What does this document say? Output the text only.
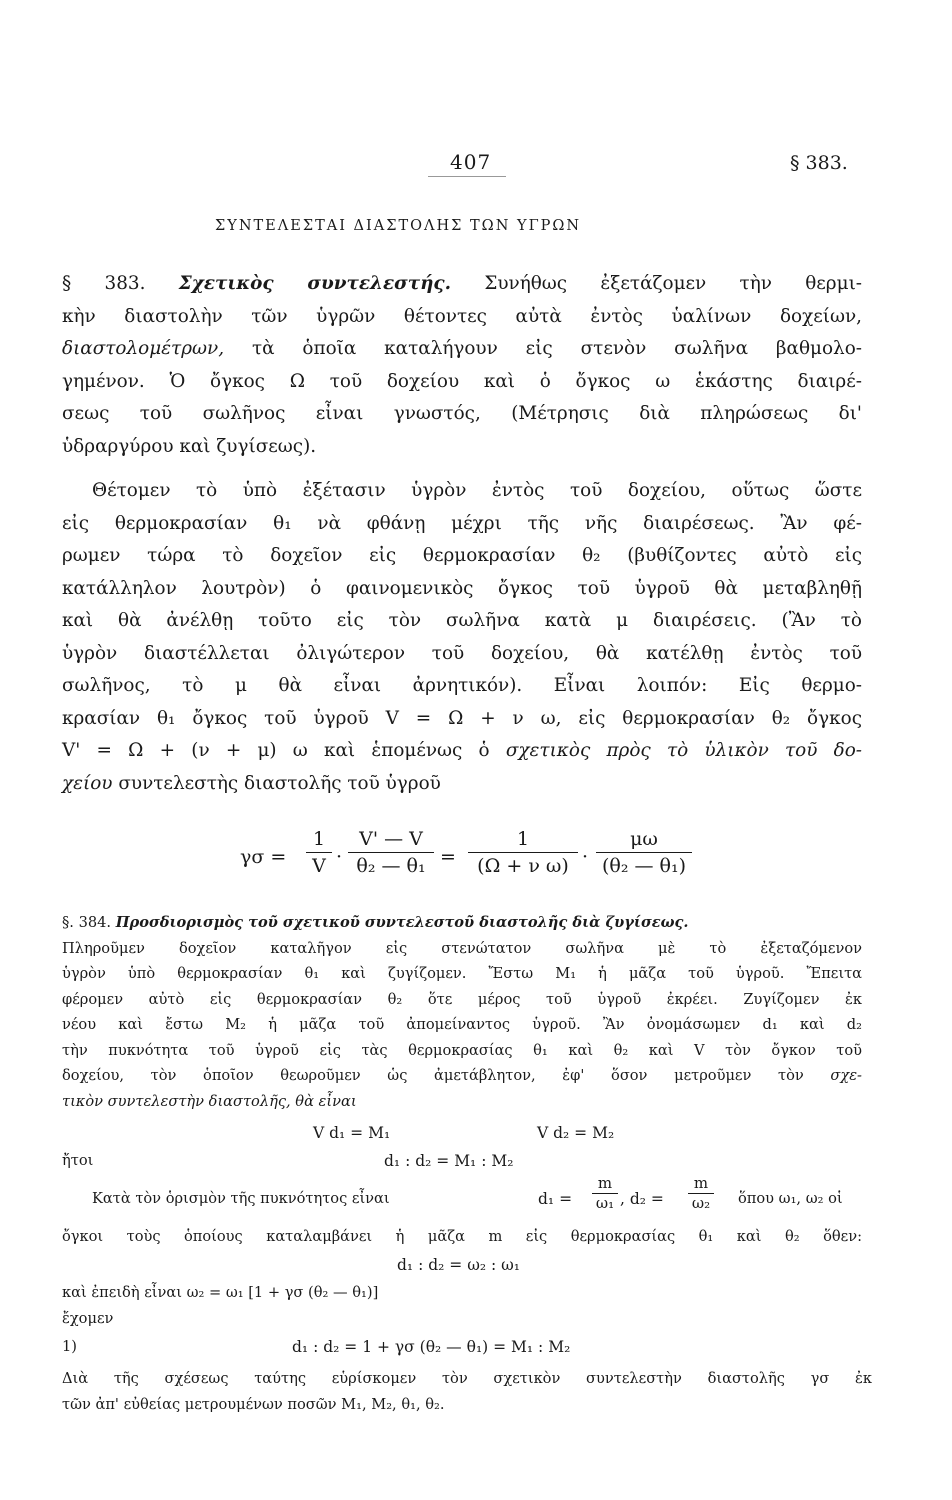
407	§ 383.
ΣΥΝΤΕΛΕΣΤΑΙ ΔΙΑΣΤΟΛΗΣ ΤΩΝ ΥΓΡΩΝ
§ 383. Σχετικὸς συντελεστής. Συνήθως ἐξετάζομεν τὴν θερμι-
κὴν διαστολὴν τῶν ὑγρῶν θέτοντες αὐτὰ ἐντὸς ὑαλίνων δοχείων,
διαστολομέτρων, τὰ ὁποῖα καταλήγουν εἰς στενὸν σωλῆνα βαθμολο-
γημένον. Ὁ ὄγκος Ω τοῦ δοχείου καὶ ὁ ὄγκος ω ἑκάστης διαιρέ-
σεως τοῦ σωλῆνος εἶναι γνωστός, (Μέτρησις διὰ πληρώσεως δι'
ὑδραργύρου καὶ ζυγίσεως).
Θέτομεν τὸ ὑπὸ ἐξέτασιν ὑγρὸν ἐντὸς τοῦ δοχείου, οὕτως ὥστε
εἰς θερμοκρασίαν θ₁ νὰ φθάνῃ μέχρι τῆς νῆς διαιρέσεως. Ἂν φέ-
ρωμεν τώρα τὸ δοχεῖον εἰς θερμοκρασίαν θ₂ (βυθίζοντες αὐτὸ εἰς
κατάλληλον λουτρὸν) ὁ φαινομενικὸς ὄγκος τοῦ ὑγροῦ θὰ μεταβληθῇ
καὶ θὰ ἀνέλθῃ τοῦτο εἰς τὸν σωλῆνα κατὰ μ διαιρέσεις. (Ἂν τὸ
ὑγρὸν διαστέλλεται ὀλιγώτερον τοῦ δοχείου, θὰ κατέλθῃ ἐντὸς τοῦ
σωλῆνος, τὸ μ θὰ εἶναι ἀρνητικόν). Εἶναι λοιπόν: Εἰς θερμο-
κρασίαν θ₁ ὄγκος τοῦ ὑγροῦ V = Ω + ν ω, εἰς θερμοκρασίαν θ₂ ὄγκος
V' = Ω + (ν + μ) ω καὶ ἑπομένως ὁ σχετικὸς πρὸς τὸ ὑλικὸν τοῦ δο-
χείου συντελεστὴς διαστολῆς τοῦ ὑγροῦ
$\gamma\sigma = \frac{1}{V} \cdot \frac{V' — V}{\text{θ₂ — θ₁}} = \frac{1}{\text{(Ω + ν ω)}} \cdot \frac{\mu\omega}{\text{(θ₂ — θ₁)}}$
§. 384. Προσδιορισμὸς τοῦ σχετικοῦ συντελεστοῦ διαστολῆς διὰ ζυγίσεως.
Πληροῦμεν δοχεῖον καταλῆγον εἰς στενώτατον σωλῆνα μὲ τὸ ἐξεταζόμενον
ὑγρὸν ὑπὸ θερμοκρασίαν θ₁ καὶ ζυγίζομεν. Ἔστω M₁ ἡ μᾶζα τοῦ ὑγροῦ. Ἔπειτα
φέρομεν αὐτὸ εἰς θερμοκρασίαν θ₂ ὅτε μέρος τοῦ ὑγροῦ ἐκρέει. Ζυγίζομεν ἐκ
νέου καὶ ἔστω M₂ ἡ μᾶζα τοῦ ἀπομείναντος ὑγροῦ. Ἂν ὀνομάσωμεν d₁ καὶ d₂
τὴν πυκνότητα τοῦ ὑγροῦ εἰς τὰς θερμοκρασίας θ₁ καὶ θ₂ καὶ V τὸν ὄγκον τοῦ
δοχείου, τὸν ὁποῖον θεωροῦμεν ὡς ἀμετάβλητον, ἐφ' ὅσον μετροῦμεν τὸν σχε-
τικὸν συντελεστὴν διαστολῆς, θὰ εἶναι
V d₁ = M₁	V d₂ = M₂
ἤτοι	d₁ : d₂ = M₁ : M₂
Κατὰ τὸν ὁρισμὸν τῆς πυκνότητος εἶναι	$d_1 = \frac{m}{\text{ω₁}}$ , $d_2 = \frac{m}{\text{ω₂}}$ ὅπου ω₁, ω₂ οἱ
ὄγκοι τοὺς ὁποίους καταλαμβάνει ἡ μᾶζα m εἰς θερμοκρασίας θ₁ καὶ θ₂ ὅθεν:
d₁ : d₂ = ω₂ : ω₁
καὶ ἐπειδὴ εἶναι ω₂ = ω₁ [1 + γσ (θ₂ — θ₁)]
ἔχομεν
1)	d₁ : d₂ = 1 + γσ (θ₂ — θ₁) = M₁ : M₂
Διὰ τῆς σχέσεως ταύτης εὑρίσκομεν τὸν σχετικὸν συντελεστὴν διαστολῆς γσ ἐκ
τῶν ἀπ' εὐθείας μετρουμένων ποσῶν M₁, M₂, θ₁, θ₂.
